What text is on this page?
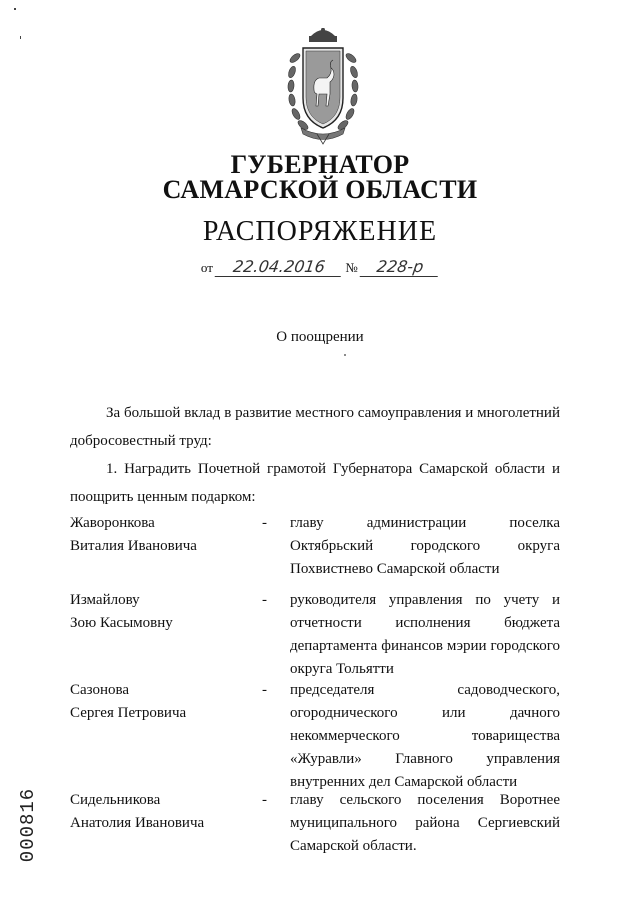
ГУБЕРНАТОР
САМАРСКОЙ ОБЛАСТИ
РАСПОРЯЖЕНИЕ
от 22.04.2016 № 228-р
О поощрении
За большой вклад в развитие местного самоуправления и многолетний добросовестный труд:
1. Наградить Почетной грамотой Губернатора Самарской области и поощрить ценным подарком:
Жаворонкова
Виталия Ивановича
-	главу администрации поселка Октябрьский городского округа Похвистнево Самарской области
Измайлову
Зою Касымовну
-	руководителя управления по учету и отчетности исполнения бюджета департамента финансов мэрии городского округа Тольятти
Сазонова
Сергея Петровича
-	председателя садоводческого, огороднического или дачного некоммерческого товарищества «Журавли» Главного управления внутренних дел Самарской области
Сидельникова
Анатолия Ивановича
-	главу сельского поселения Воротнее муниципального района Сергиевский Самарской области.
000816
